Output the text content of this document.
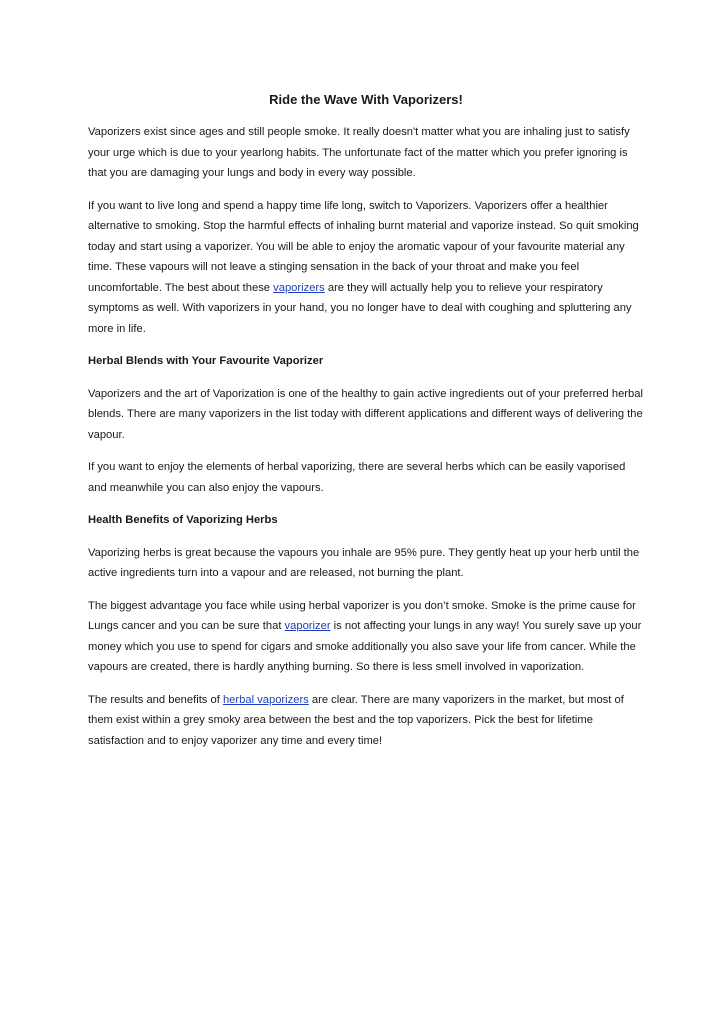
Ride the Wave With Vaporizers!

Vaporizers exist since ages and still people smoke. It really doesn't matter what you are inhaling just to satisfy your urge which is due to your yearlong habits. The unfortunate fact of the matter which you prefer ignoring is that you are damaging your lungs and body in every way possible.

If you want to live long and spend a happy time life long, switch to Vaporizers. Vaporizers offer a healthier alternative to smoking. Stop the harmful effects of inhaling burnt material and vaporize instead. So quit smoking today and start using a vaporizer. You will be able to enjoy the aromatic vapour of your favourite material any time. These vapours will not leave a stinging sensation in the back of your throat and make you feel uncomfortable. The best about these vaporizers are they will actually help you to relieve your respiratory symptoms as well. With vaporizers in your hand, you no longer have to deal with coughing and spluttering any more in life.

Herbal Blends with Your Favourite Vaporizer

Vaporizers and the art of Vaporization is one of the healthy to gain active ingredients out of your preferred herbal blends. There are many vaporizers in the list today with different applications and different ways of delivering the vapour.

If you want to enjoy the elements of herbal vaporizing, there are several herbs which can be easily vaporised and meanwhile you can also enjoy the vapours.

Health Benefits of Vaporizing Herbs

Vaporizing herbs is great because the vapours you inhale are 95% pure. They gently heat up your herb until the active ingredients turn into a vapour and are released, not burning the plant.

The biggest advantage you face while using herbal vaporizer is you don’t smoke. Smoke is the prime cause for Lungs cancer and you can be sure that vaporizer is not affecting your lungs in any way! You surely save up your money which you use to spend for cigars and smoke additionally you also save your life from cancer. While the vapours are created, there is hardly anything burning. So there is less smell involved in vaporization.

The results and benefits of herbal vaporizers are clear. There are many vaporizers in the market, but most of them exist within a grey smoky area between the best and the top vaporizers. Pick the best for lifetime satisfaction and to enjoy vaporizer any time and every time!
